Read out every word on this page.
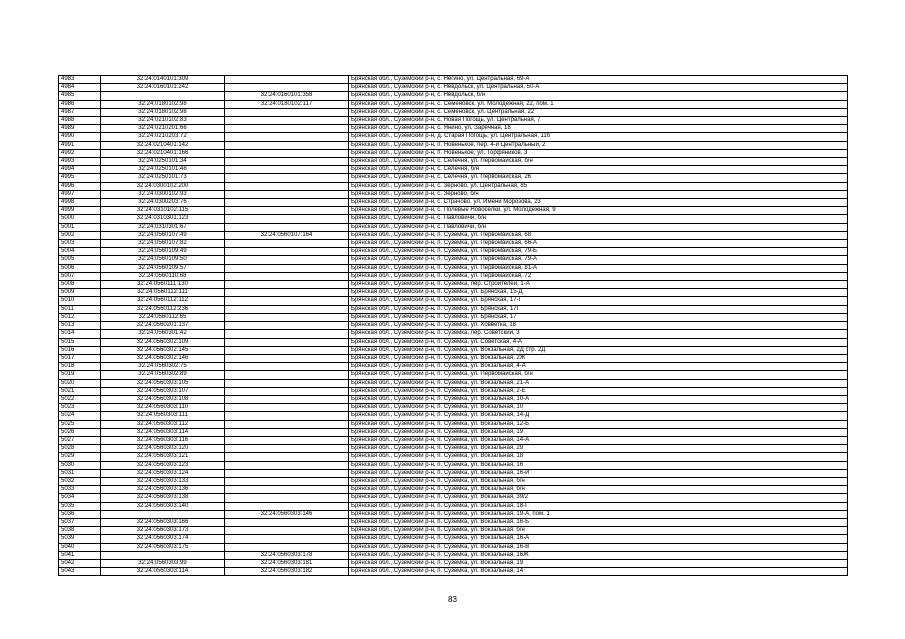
4983	32:24:0140101:309		Брянская обл., Суземский р-н, с. Негино, ул. Центральная, 69-А
4984	32:24:0160101:242		Брянская обл., Суземский р-н, с. Невдольск, ул. Центральная, 50-А
4985		32:24:0160101:358	Брянская обл., Суземский р-н, с. Невдольск, б/н
4986	32:24:0180102:98	32:24:0180102:117	Брянская обл., Суземский р-н, с. Семеновск, ул. Молодежная, 22, пом. 1
4987	32:24:0180102:98		Брянская обл., Суземский р-н, с. Семеновск, ул. Центральная, 22
4988	32:24:0210102:83		Брянская обл., Суземский р-н, с. Новая Погощь, ул. Центральная, 7
4989	32:24:0210201:66		Брянская обл., Суземский р-н, с. Янино, ул. Заречная, 18
4990	32:24:0210203:72		Брянская обл., Суземский р-н, д. Старая Погощь, ул. Центральная, 11б
4991	32:24:0210401:142		Брянская обл., Суземский р-н, п. Новенькое, пер. 4-й Центральный, 2
4992	32:24:0210401:166		Брянская обл., Суземский р-н, п. Новенькое, ул. Торфяников, 3
4993	32:24:0250101:34		Брянская обл., Суземский р-н, с. Селечня, ул. Первомайская, б/н
4994	32:24:0250101:48		Брянская обл., Суземский р-н, с. Селечня, б/н
4995	32:24:0250101:73		Брянская обл., Суземский р-н, с. Селечня, ул. Первомайская, 26
4996	32:24:0300102:200		Брянская обл., Суземский р-н, с. Зерново, ул. Центральная, 85
4997	32:24:0300102:93		Брянская обл., Суземский р-н, с. Зерново, б/н
4998	32:24:0300203:76		Брянская обл., Суземский р-н, с. Страчово, ул. Имени Морозова, 23
4999	32:24:0310102:115		Брянская обл., Суземский р-н, с. Полевые Новоселки, ул. Молодежная, 9
5000	32:24:0310301:123		Брянская обл., Суземский р-н, с. Павловичи, б/н
5001	32:24:0310301:67		Брянская обл., Суземский р-н, с. Павловичи, б/н
5002	32:24:0560107:49	32:24:0560107:164	Брянская обл., Суземский р-н, п. Суземка, ул. Первомайская, 68
5003	32:24:0560107:82		Брянская обл., Суземский р-н, п. Суземка, ул. Первомайская, 66-А
5004	32:24:0560109:49		Брянская обл., Суземский р-н, п. Суземка, ул. Первомайская, 79-Б
5005	32:24:0560109:50		Брянская обл., Суземский р-н, п. Суземка, ул. Первомайская, 79-А
5006	32:24:0560109:57		Брянская обл., Суземский р-н, п. Суземка, ул. Первомайская, 81-А
5007	32:24:0560110:68		Брянская обл., Суземский р-н, п. Суземка, ул. Первомайская, 72
5008	32:24:0560111:130		Брянская обл., Суземский р-н, п. Суземка, пер. Строителей, 1-А
5009	32:24:0560112:111		Брянская обл., Суземский р-н, п. Суземка, ул. Брянская, 15-Д
5010	32:24:0560112:112		Брянская обл., Суземский р-н, п. Суземка, ул. Брянская, 17-Г
5011	32:24:0560112:236		Брянская обл., Суземский р-н, п. Суземка, ул. Брянская, 17Г
5012	32:24:0560112:65		Брянская обл., Суземский р-н, п. Суземка, ул. Брянская, 17
5013	32:24:0560201:137		Брянская обл., Суземский р-н, п. Суземка, ул. Ховветка, 18
5014	32:24:0560301:42		Брянская обл., Суземский р-н, п. Суземка, пер. Советский, 3
5015	32:24:0560302:109		Брянская обл., Суземский р-н, п. Суземка, ул. Советская, 4-А
5016	32:24:0560302:145		Брянская обл., Суземский р-н, п. Суземка, ул. Вокзальная, 2Д стр. 2Д
5017	32:24:0560302:146		Брянская обл., Суземский р-н, п. Суземка, ул. Вокзальная, 2Ж
5018	32:24:0560302:75		Брянская обл., Суземский р-н, п. Суземка, ул. Вокзальная, 4-А
5019	32:24:0560302:89		Брянская обл., Суземский р-н, п. Суземка, ул. Первомайская, б/н
5020	32:24:0560303:105		Брянская обл., Суземский р-н, п. Суземка, ул. Вокзальная, 21-А
5021	32:24:0560303:107		Брянская обл., Суземский р-н, п. Суземка, ул. Вокзальная, 2-Е
5022	32:24:0560303:108		Брянская обл., Суземский р-н, п. Суземка, ул. Вокзальная, 10-А
5023	32:24:0560303:110		Брянская обл., Суземский р-н, п. Суземка, ул. Вокзальная, 10
5024	32:24:0560303:111		Брянская обл., Суземский р-н, п. Суземка, ул. Вокзальная, 14-Д
5025	32:24:0560303:112		Брянская обл., Суземский р-н, п. Суземка, ул. Вокзальная, 12-Б
5026	32:24:0560303:114		Брянская обл., Суземский р-н, п. Суземка, ул. Вокзальная, 19
5027	32:24:0560303:116		Брянская обл., Суземский р-н, п. Суземка, ул. Вокзальная, 14-А
5028	32:24:0560303:120		Брянская обл., Суземский р-н, п. Суземка, ул. Вокзальная, 29
5029	32:24:0560303:121		Брянская обл., Суземский р-н, п. Суземка, ул. Вокзальная, 18
5030	32:24:0560303:123		Брянская обл., Суземский р-н, п. Суземка, ул. Вокзальная, 16
5031	32:24:0560303:124		Брянская обл., Суземский р-н, п. Суземка, ул. Вокзальная, 16-И
5032	32:24:0560303:133		Брянская обл., Суземский р-н, п. Суземка, ул. Вокзальная, б/н
5033	32:24:0560303:136		Брянская обл., Суземский р-н, п. Суземка, ул. Вокзальная, б/н
5034	32:24:0560303:138		Брянская обл., Суземский р-н, п. Суземка, ул. Вокзальная, 39/2
5035	32:24:0560303:140		Брянская обл., Суземский р-н, п. Суземка, ул. Вокзальная, 18-Г
5036		32:24:0560303:146	Брянская обл., Суземский р-н, п. Суземка, ул. Вокзальная, 19-А, пом. 1
5037	32:24:0560303:166		Брянская обл., Суземский р-н, п. Суземка, ул. Вокзальная, 16-Б
5038	32:24:0560303:173		Брянская обл., Суземский р-н, п. Суземка, ул. Вокзальная, б/н
5039	32:24:0560303:174		Брянская обл., Суземский р-н, п. Суземка, ул. Вокзальная, 16-А
5040	32:24:0560303:175		Брянская обл., Суземский р-н, п. Суземка, ул. Вокзальная, 16-В
5041		32:24:0560303:178	Брянская обл., Суземский р-н, п. Суземка, ул. Вокзальная, 16Ж
5042	32:24:0560303:99	32:24:0560303:181	Брянская обл., Суземский р-н, п. Суземка, ул. Вокзальная, 19
5043	32:24:0560303:114	32:24:0560303:182	Брянская обл., Суземский р-н, п. Суземка, ул. Вокзальная, 14
83
